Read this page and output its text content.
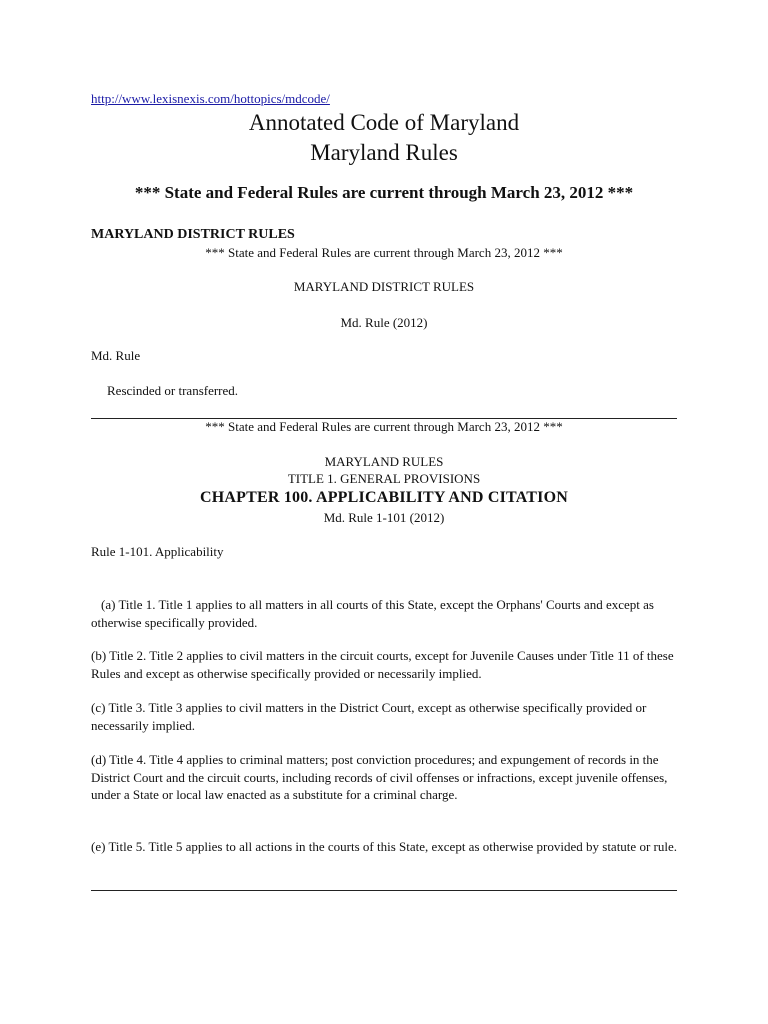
http://www.lexisnexis.com/hottopics/mdcode/
Annotated Code of Maryland
Maryland Rules
*** State and Federal Rules are current through March 23, 2012 ***
MARYLAND DISTRICT RULES
*** State and Federal Rules are current through March 23, 2012 ***
MARYLAND DISTRICT RULES
Md. Rule (2012)
Md. Rule
Rescinded or transferred.
*** State and Federal Rules are current through March 23, 2012 ***
MARYLAND RULES
TITLE 1. GENERAL PROVISIONS
CHAPTER 100. APPLICABILITY AND CITATION
Md. Rule 1-101 (2012)
Rule 1-101. Applicability
(a) Title 1. Title 1 applies to all matters in all courts of this State, except the Orphans' Courts and except as otherwise specifically provided.
(b) Title 2. Title 2 applies to civil matters in the circuit courts, except for Juvenile Causes under Title 11 of these Rules and except as otherwise specifically provided or necessarily implied.
(c) Title 3. Title 3 applies to civil matters in the District Court, except as otherwise specifically provided or necessarily implied.
(d) Title 4. Title 4 applies to criminal matters; post conviction procedures; and expungement of records in the District Court and the circuit courts, including records of civil offenses or infractions, except juvenile offenses, under a State or local law enacted as a substitute for a criminal charge.
(e) Title 5. Title 5 applies to all actions in the courts of this State, except as otherwise provided by statute or rule.
